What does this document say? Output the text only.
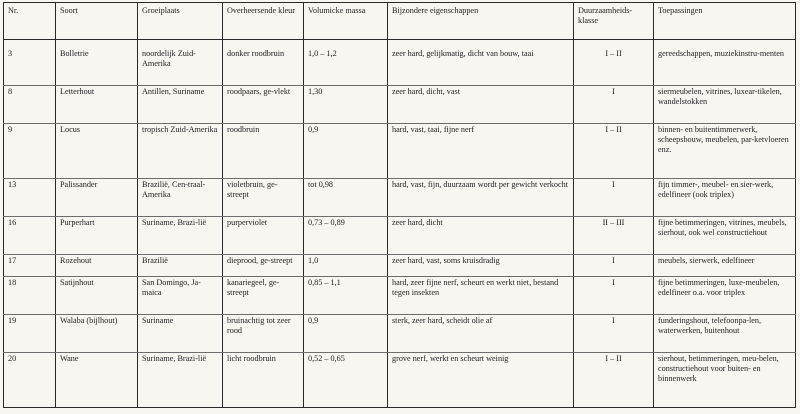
Nr.	Soort	Groeiplaats	Overheersende kleur	Volumicke massa	Bijzondere eigenschappen	Duurzaamheids-klasse	Toepassingen

3	Bolletrie	noordelijk Zuid-Amerika	donker roodbruin	1,0 – 1,2	zeer hard, gelijkmatig, dicht van bouw, taai	I – II	gereedschappen, muziekinstru-menten
8	Letterhout	Antillen, Suriname	roodpaars, ge-vlekt	1,30	zeer hard, dicht, vast	I	siermeubelen, vitrines, luxear-tikelen, wandelstokken
9	Locus	tropisch Zuid-Amerika	roodbruin	0,9	hard, vast, taai, fijne nerf	I – II	binnen- en buitentimmerwerk, scheepsbouw, meubelen, par-ketvloeren enz.
13	Palissander	Brazilië, Cen-traal-Amerika	violetbruin, ge-streept	tot 0,98	hard, vast, fijn, duurzaam wordt per gewicht verkocht	I	fijn timmer-, meubel- en sier-werk, edelfineer (ook triplex)
16	Purperhart	Suriname, Brazi-lië	purperviolet	0,73 – 0,89	zeer hard, dicht	II – III	fijne betimmeringen, vitrines, meubels, sierhout, ook wel constructiehout
17	Rozehout	Brazilië	dieprood, ge-streept	1,0	zeer hard, vast, soms kruisdradig	I	meubels, sierwerk, edelfineer
18	Satijnhout	San Domingo, Ja-maica	kanariegeel, ge-streept	0,85 – 1,1	hard, zeer fijne nerf, scheurt en werkt niet, bestand tegen insekten	I	fijne betimmeringen, luxe-meubelen, edelfineer o.a. voor triplex
19	Walaba (bijlhout)	Suriname	bruinachtig tot zeer rood	0,9	sterk, zeer hard, scheidt olie af	I	funderingshout, telefoonpa-len, waterwerken, buitenhout
20	Wane	Suriname, Brazi-lië	licht roodbruin	0,52 – 0,65	grove nerf, werkt en scheurt weinig	I – II	sierhout, betimmeringen, meu-belen, constructiehout voor buiten- en binnenwerk
